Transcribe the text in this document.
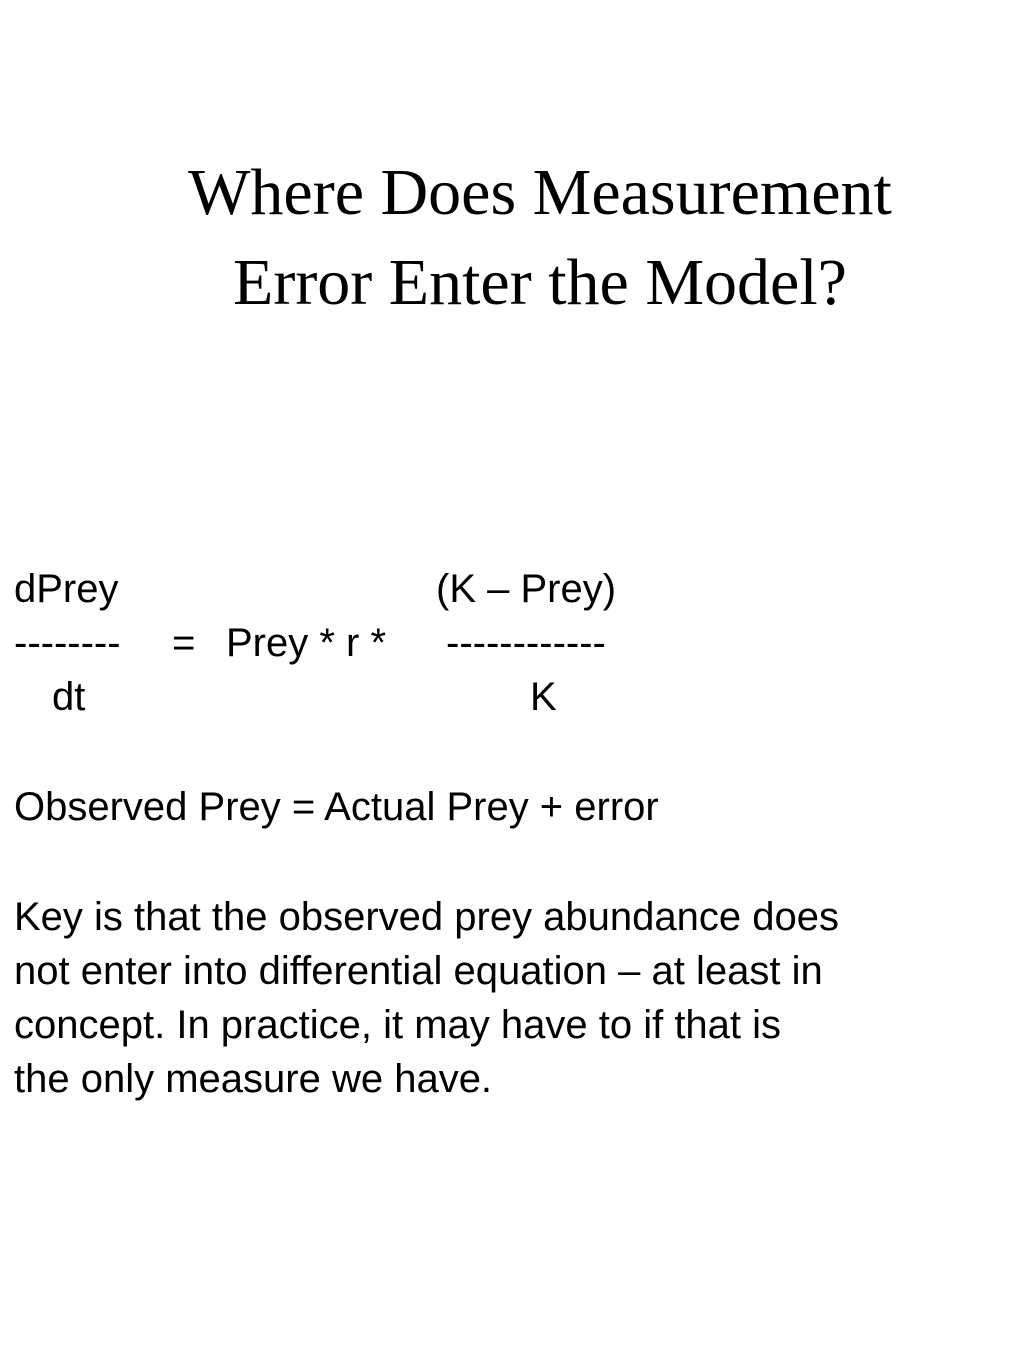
Where Does Measurement
Error Enter the Model?
dPrey	(K – Prey)
-------- = Prey * r * ------------
dt	K
Observed Prey = Actual Prey + error
Key is that the observed prey abundance does
not enter into differential equation – at least in
concept. In practice, it may have to if that is
the only measure we have.
